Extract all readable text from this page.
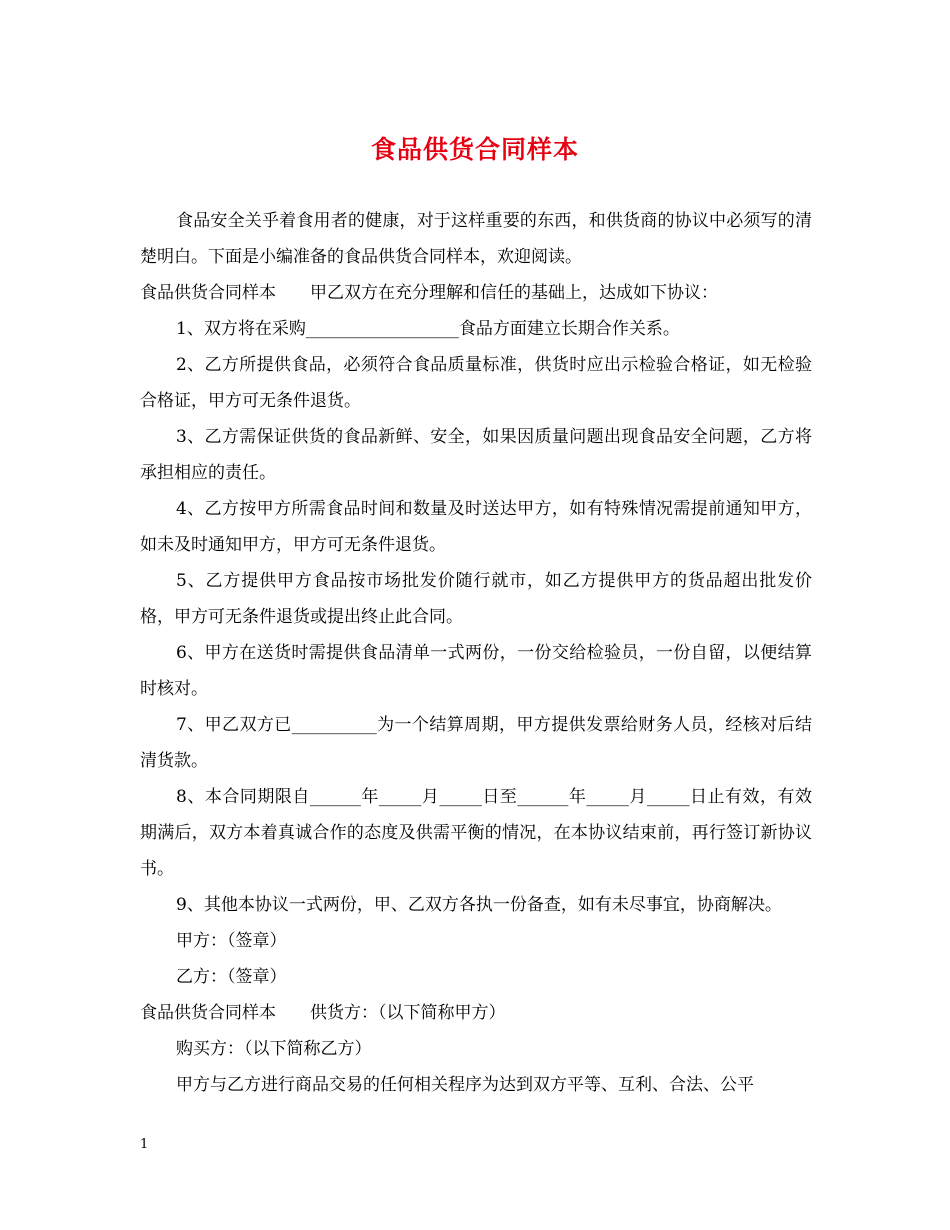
食品供货合同样本

食品安全关乎着食用者的健康，对于这样重要的东西，和供货商的协议中必须写的清楚明白。下面是小编准备的食品供货合同样本，欢迎阅读。

食品供货合同样本　　甲乙双方在充分理解和信任的基础上，达成如下协议：

1、双方将在采购__________________食品方面建立长期合作关系。

2、乙方所提供食品，必须符合食品质量标准，供货时应出示检验合格证，如无检验合格证，甲方可无条件退货。

3、乙方需保证供货的食品新鲜、安全，如果因质量问题出现食品安全问题，乙方将承担相应的责任。

4、乙方按甲方所需食品时间和数量及时送达甲方，如有特殊情况需提前通知甲方，如未及时通知甲方，甲方可无条件退货。

5、乙方提供甲方食品按市场批发价随行就市，如乙方提供甲方的货品超出批发价格，甲方可无条件退货或提出终止此合同。

6、甲方在送货时需提供食品清单一式两份，一份交给检验员，一份自留，以便结算时核对。

7、甲乙双方已__________为一个结算周期，甲方提供发票给财务人员，经核对后结清货款。

8、本合同期限自______年_____月_____日至______年_____月_____日止有效，有效期满后，双方本着真诚合作的态度及供需平衡的情况，在本协议结束前，再行签订新协议书。

9、其他本协议一式两份，甲、乙双方各执一份备查，如有未尽事宜，协商解决。

甲方：（签章）

乙方：（签章）

食品供货合同样本　　供货方：（以下简称甲方）

购买方：（以下简称乙方）

甲方与乙方进行商品交易的任何相关程序为达到双方平等、互利、合法、公平

1
